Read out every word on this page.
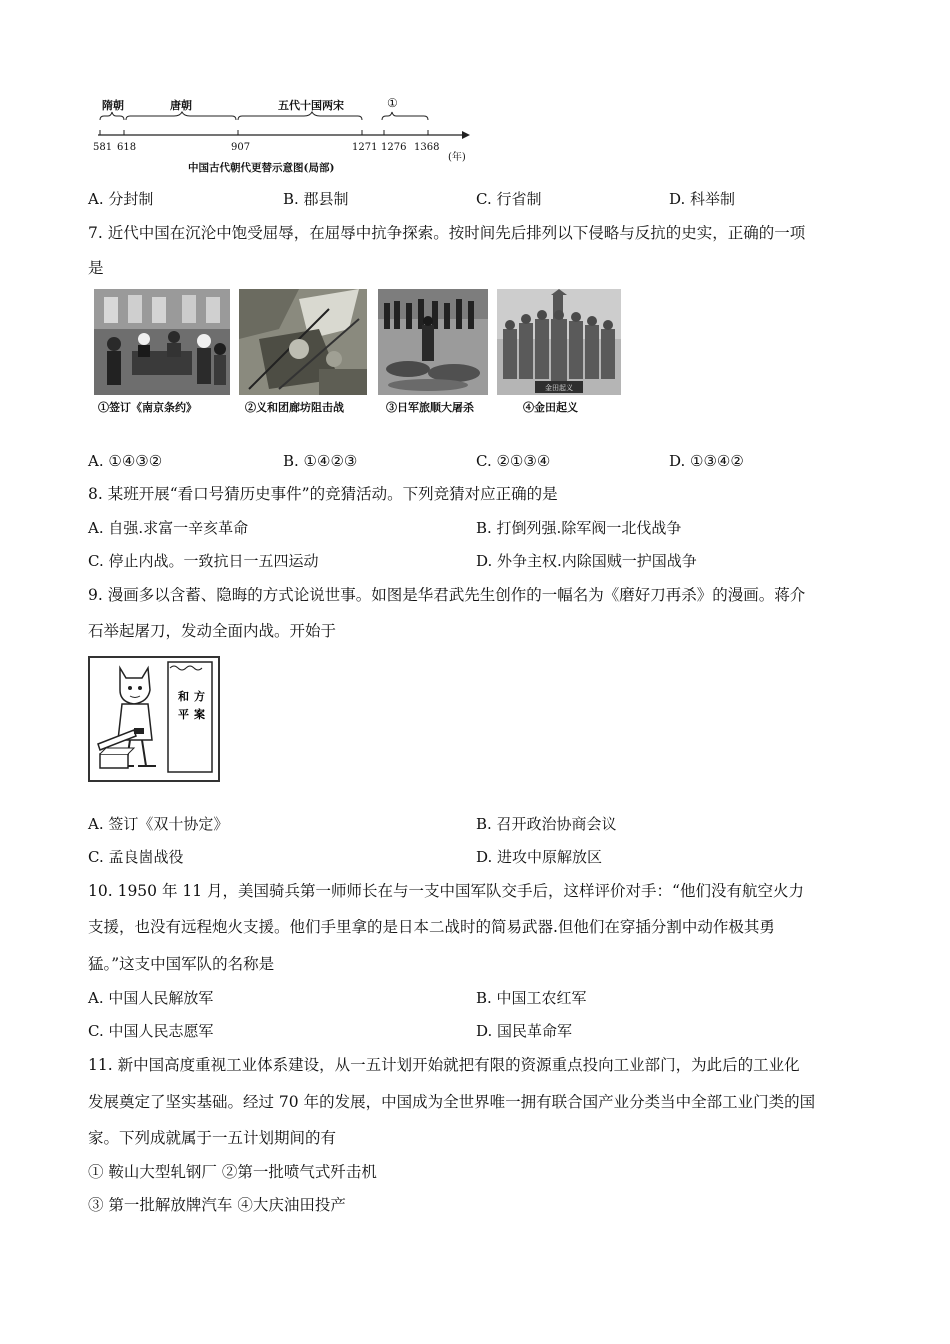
隋朝	唐朝	五代十国两宋	①
581 618	907	1271 1276 1368
(年)
中国古代朝代更替示意图(局部)
A. 分封制	B. 郡县制	C. 行省制	D. 科举制
7. 近代中国在沉沦中饱受屈辱，在屈辱中抗争探索。按时间先后排列以下侵略与反抗的史实，正确的一项
是
金田起义
①签订《南京条约》	②义和团廊坊阻击战	③日军旅顺大屠杀	④金田起义
A. ①④③②	B. ①④②③	C. ②①③④	D. ①③④②
8. 某班开展“看口号猜历史事件”的竞猜活动。下列竞猜对应正确的是
A. 自强.求富一辛亥革命	B. 打倒列强.除军阀一北伐战争
C. 停止内战。一致抗日一五四运动	D. 外争主权.内除国贼一护国战争
9. 漫画多以含蓄、隐晦的方式论说世事。如图是华君武先生创作的一幅名为《磨好刀再杀》的漫画。蒋介
石举起屠刀，发动全面内战。开始于
和 方
平 案
A. 签订《双十协定》	B. 召开政治协商会议
C. 孟良崮战役	D. 进攻中原解放区
10. 1950 年 11 月，美国骑兵第一师师长在与一支中国军队交手后，这样评价对手：“他们没有航空火力
支援，也没有远程炮火支援。他们手里拿的是日本二战时的简易武器.但他们在穿插分割中动作极其勇
猛。”这支中国军队的名称是
A. 中国人民解放军	B. 中国工农红军
C. 中国人民志愿军	D. 国民革命军
11. 新中国高度重视工业体系建设，从一五计划开始就把有限的资源重点投向工业部门，为此后的工业化
发展奠定了坚实基础。经过 70 年的发展，中国成为全世界唯一拥有联合国产业分类当中全部工业门类的国
家。下列成就属于一五计划期间的有
① 鞍山大型轧钢厂 ②第一批喷气式歼击机
③ 第一批解放牌汽车 ④大庆油田投产
